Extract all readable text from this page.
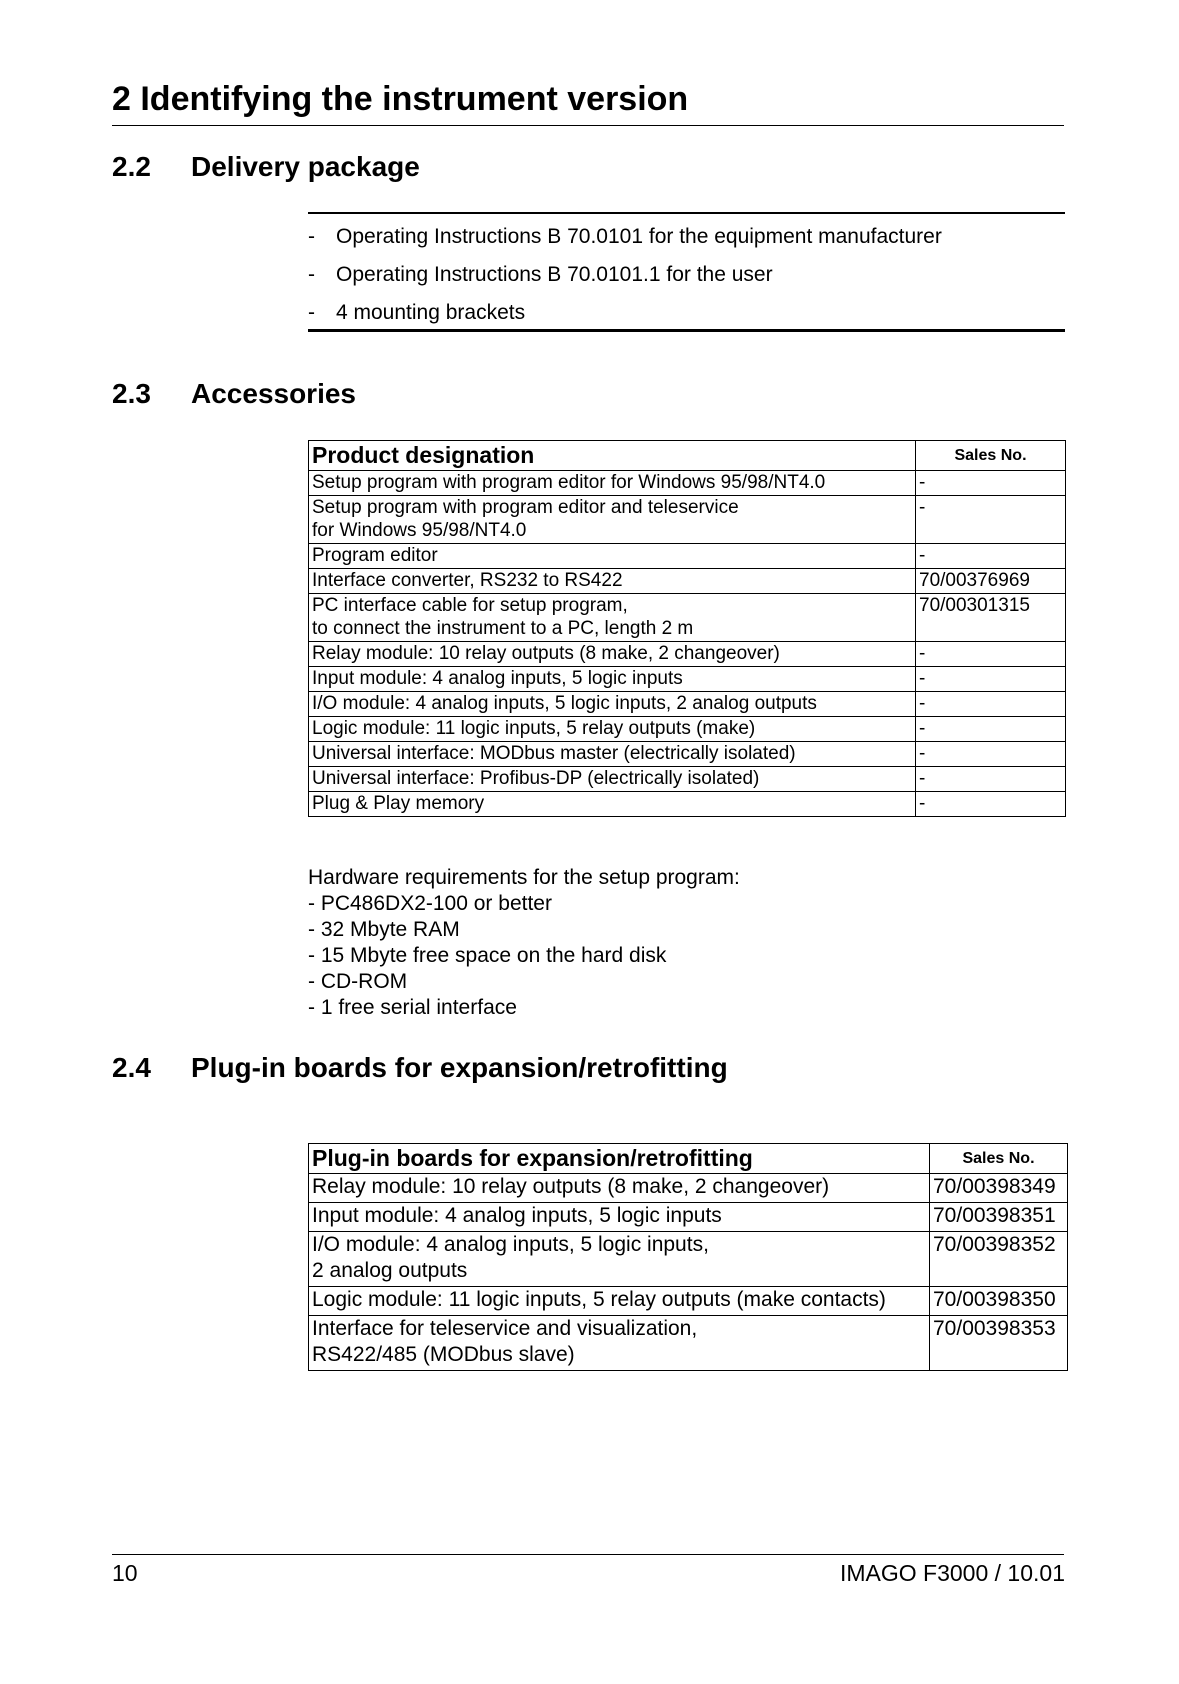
2 Identifying the instrument version
2.2 Delivery package
- Operating Instructions B 70.0101 for the equipment manufacturer
- Operating Instructions B 70.0101.1 for the user
- 4 mounting brackets
2.3 Accessories
Product designation	Sales No.

Setup program with program editor for Windows 95/98/NT4.0	-

Setup program with program editor and teleservice
for Windows 95/98/NT4.0	-

Program editor	-

Interface converter, RS232 to RS422	70/00376969

PC interface cable for setup program,
to connect the instrument to a PC, length 2 m	70/00301315

Relay module: 10 relay outputs (8 make, 2 changeover)	-

Input module: 4 analog inputs, 5 logic inputs	-

I/O module: 4 analog inputs, 5 logic inputs, 2 analog outputs	-

Logic module: 11 logic inputs, 5 relay outputs (make)	-

Universal interface: MODbus master (electrically isolated)	-

Universal interface: Profibus-DP (electrically isolated)	-

Plug & Play memory	-
Hardware requirements for the setup program:
- PC486DX2-100 or better
- 32 Mbyte RAM
- 15 Mbyte free space on the hard disk
- CD-ROM
- 1 free serial interface
2.4 Plug-in boards for expansion/retrofitting
Plug-in boards for expansion/retrofitting	Sales No.

Relay module: 10 relay outputs (8 make, 2 changeover)	70/00398349

Input module: 4 analog inputs, 5 logic inputs	70/00398351

I/O module: 4 analog inputs, 5 logic inputs,
2 analog outputs	70/00398352

Logic module: 11 logic inputs, 5 relay outputs (make contacts)	70/00398350

Interface for teleservice and visualization,
RS422/485 (MODbus slave)	70/00398353
10	IMAGO F3000 / 10.01
